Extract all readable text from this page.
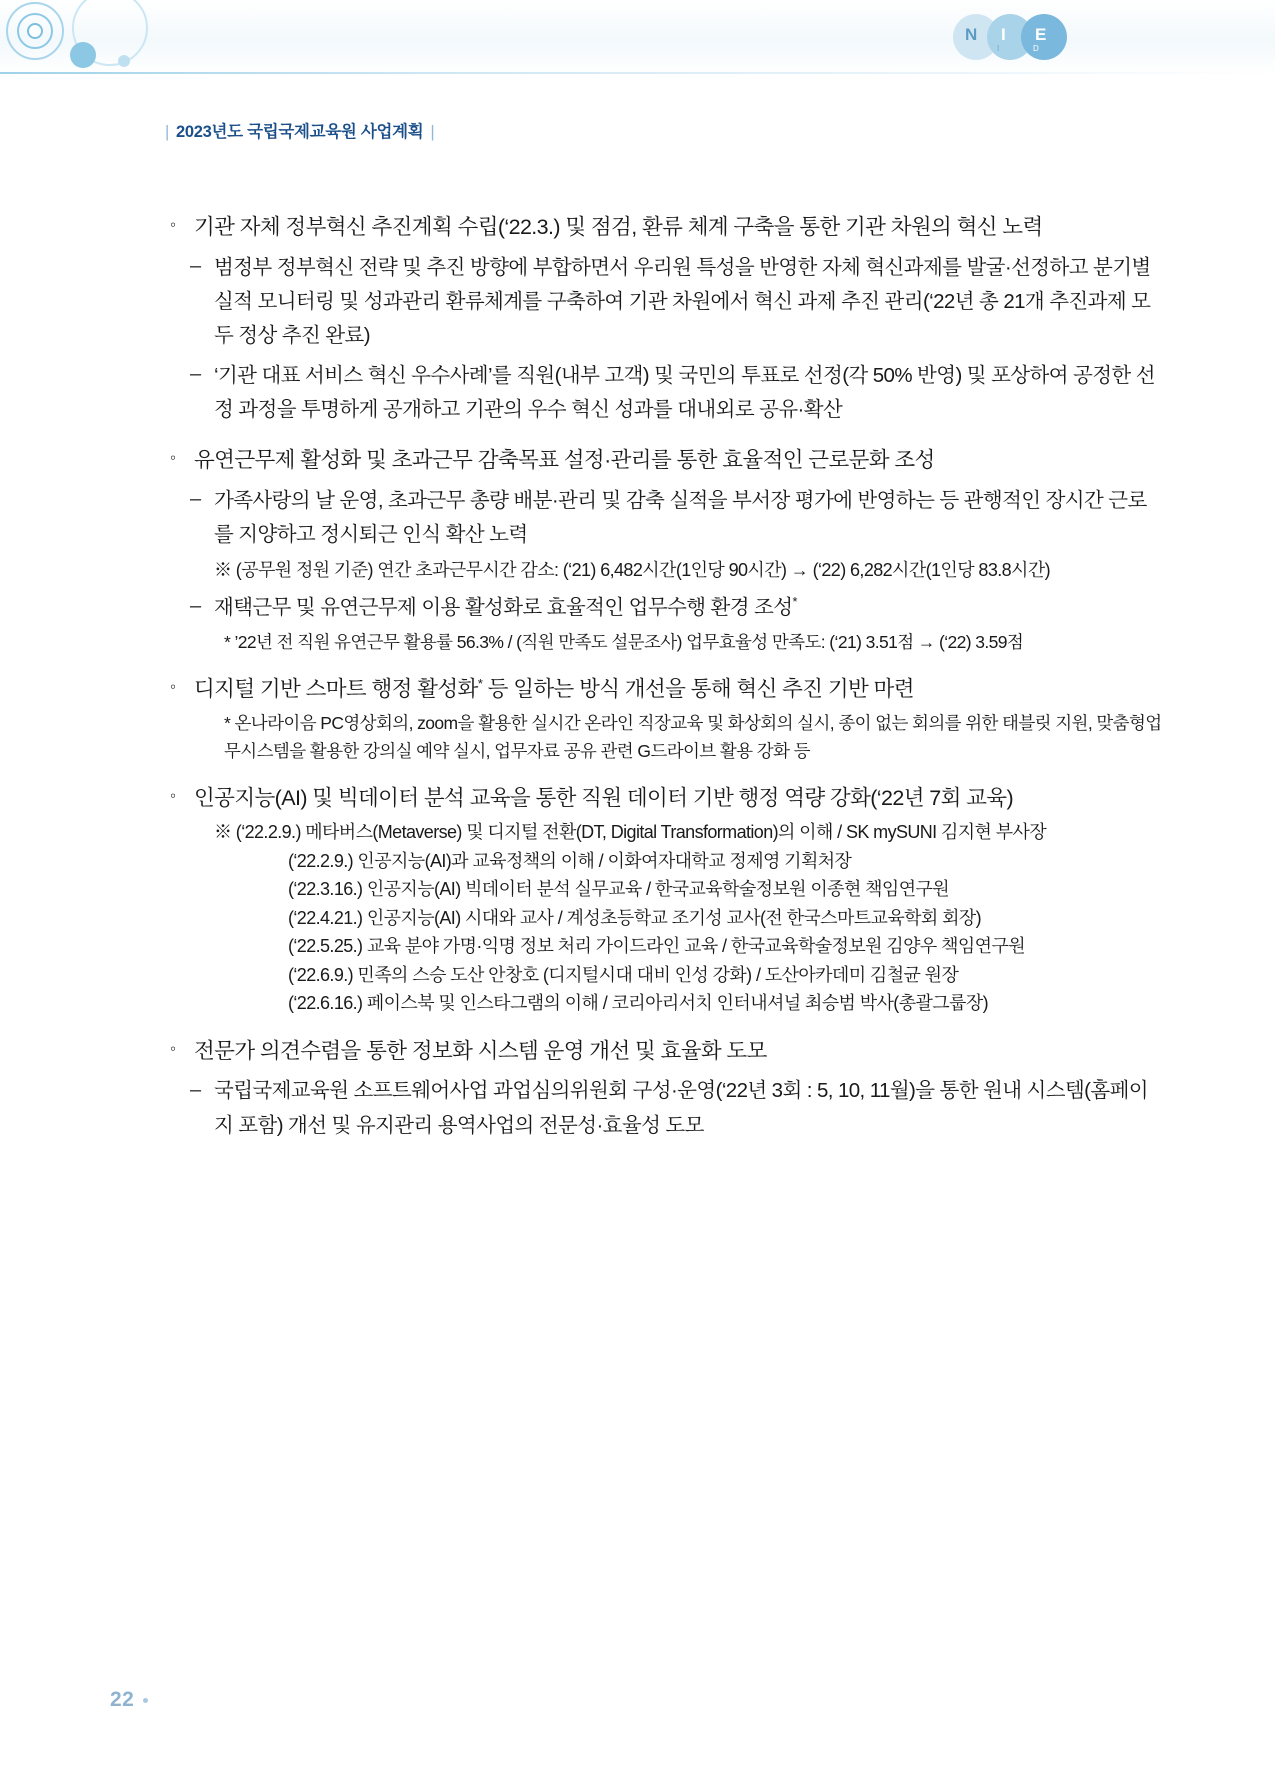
N I E
I	D
| 2023년도 국립국제교육원 사업계획 |
◦ 기관 자체 정부혁신 추진계획 수립(‘22.3.) 및 점검, 환류 체계 구축을 통한 기관 차원의 혁신 노력
– 범정부 정부혁신 전략 및 추진 방향에 부합하면서 우리원 특성을 반영한 자체 혁신과제를 발굴·선정하고 분기별 실적 모니터링 및 성과관리 환류체계를 구축하여 기관 차원에서 혁신 과제 추진 관리(‘22년 총 21개 추진과제 모두 정상 추진 완료)
– ‘기관 대표 서비스 혁신 우수사례’를 직원(내부 고객) 및 국민의 투표로 선정(각 50% 반영) 및 포상하여 공정한 선정 과정을 투명하게 공개하고 기관의 우수 혁신 성과를 대내외로 공유·확산
◦ 유연근무제 활성화 및 초과근무 감축목표 설정·관리를 통한 효율적인 근로문화 조성
– 가족사랑의 날 운영, 초과근무 총량 배분·관리 및 감축 실적을 부서장 평가에 반영하는 등 관행적인 장시간 근로를 지양하고 정시퇴근 인식 확산 노력
※ (공무원 정원 기준) 연간 초과근무시간 감소: (‘21) 6,482시간(1인당 90시간) → (‘22) 6,282시간(1인당 83.8시간)
– 재택근무 및 유연근무제 이용 활성화로 효율적인 업무수행 환경 조성*
* ’22년 전 직원 유연근무 활용률 56.3% / (직원 만족도 설문조사) 업무효율성 만족도: (‘21) 3.51점 → (‘22) 3.59점
◦ 디지털 기반 스마트 행정 활성화* 등 일하는 방식 개선을 통해 혁신 추진 기반 마련
* 온나라이음 PC영상회의, zoom을 활용한 실시간 온라인 직장교육 및 화상회의 실시, 종이 없는 회의를 위한 태블릿 지원, 맞춤형업무시스템을 활용한 강의실 예약 실시, 업무자료 공유 관련 G드라이브 활용 강화 등
◦ 인공지능(AI) 및 빅데이터 분석 교육을 통한 직원 데이터 기반 행정 역량 강화(‘22년 7회 교육)
※ (‘22.2.9.) 메타버스(Metaverse) 및 디지털 전환(DT, Digital Transformation)의 이해 / SK mySUNI 김지현 부사장
(‘22.2.9.) 인공지능(AI)과 교육정책의 이해 / 이화여자대학교 정제영 기획처장
(‘22.3.16.) 인공지능(AI) 빅데이터 분석 실무교육 / 한국교육학술정보원 이종현 책임연구원
(‘22.4.21.) 인공지능(AI) 시대와 교사 / 계성초등학교 조기성 교사(전 한국스마트교육학회 회장)
(‘22.5.25.) 교육 분야 가명·익명 정보 처리 가이드라인 교육 / 한국교육학술정보원 김양우 책임연구원
(‘22.6.9.) 민족의 스승 도산 안창호 (디지털시대 대비 인성 강화) / 도산아카데미 김철균 원장
(‘22.6.16.) 페이스북 및 인스타그램의 이해 / 코리아리서치 인터내셔널 최승범 박사(총괄그룹장)
◦ 전문가 의견수렴을 통한 정보화 시스템 운영 개선 및 효율화 도모
– 국립국제교육원 소프트웨어사업 과업심의위원회 구성·운영(‘22년 3회 : 5, 10, 11월)을 통한 원내 시스템(홈페이지 포함) 개선 및 유지관리 용역사업의 전문성·효율성 도모
22
